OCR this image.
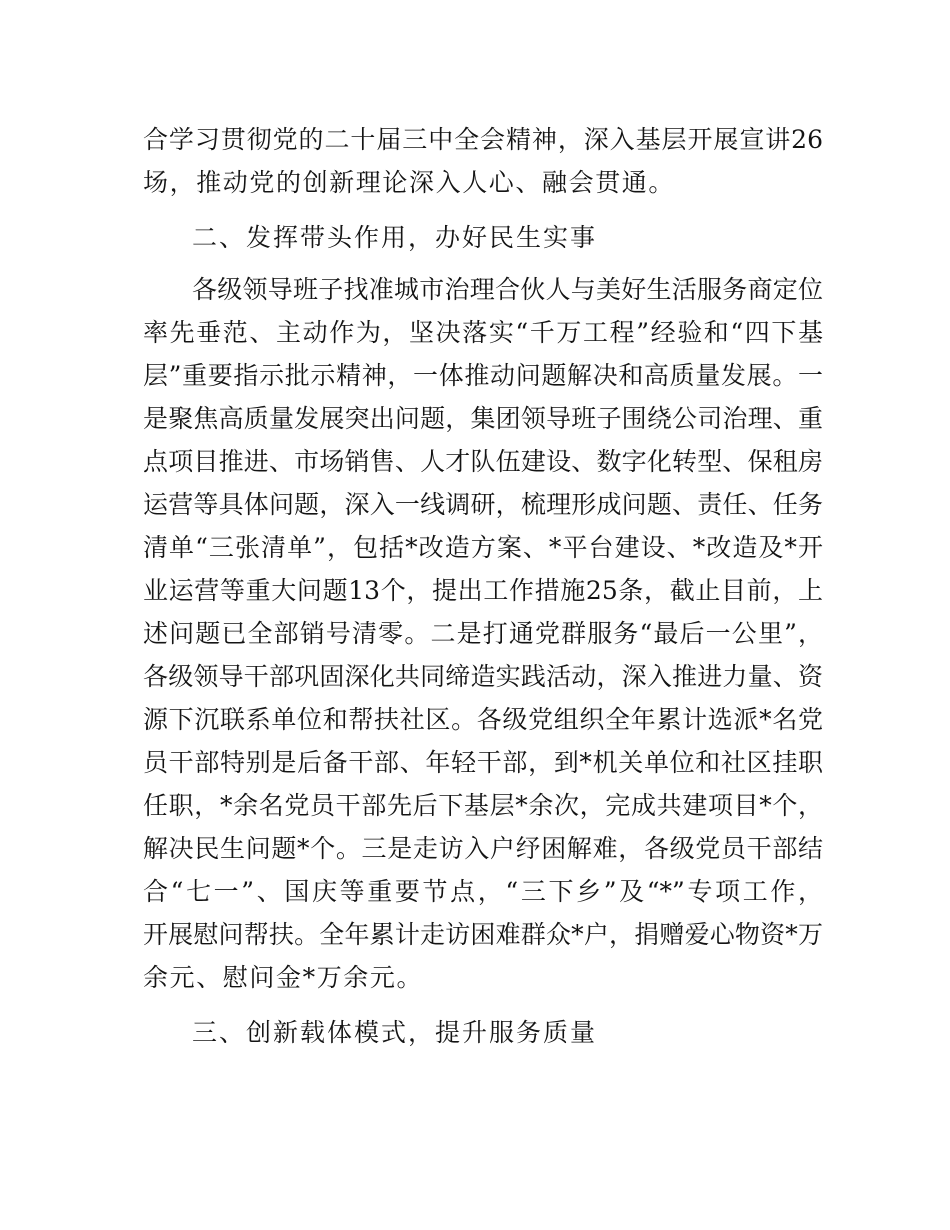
合学习贯彻党的二十届三中全会精神，深入基层开展宣讲26
场，推动党的创新理论深入人心、融会贯通。
二、发挥带头作用，办好民生实事
各级领导班子找准城市治理合伙人与美好生活服务商定位
率先垂范、主动作为，坚决落实“千万工程”经验和“四下基
层”重要指示批示精神，一体推动问题解决和高质量发展。一
是聚焦高质量发展突出问题，集团领导班子围绕公司治理、重
点项目推进、市场销售、人才队伍建设、数字化转型、保租房
运营等具体问题，深入一线调研，梳理形成问题、责任、任务
清单“三张清单”，包括*改造方案、*平台建设、*改造及*开
业运营等重大问题13个，提出工作措施25条，截止目前，上
述问题已全部销号清零。二是打通党群服务“最后一公里”，
各级领导干部巩固深化共同缔造实践活动，深入推进力量、资
源下沉联系单位和帮扶社区。各级党组织全年累计选派*名党
员干部特别是后备干部、年轻干部，到*机关单位和社区挂职
任职，*余名党员干部先后下基层*余次，完成共建项目*个，
解决民生问题*个。三是走访入户纾困解难，各级党员干部结
合“七一”、国庆等重要节点，“三下乡”及“*”专项工作，
开展慰问帮扶。全年累计走访困难群众*户，捐赠爱心物资*万
余元、慰问金*万余元。
三、创新载体模式，提升服务质量
